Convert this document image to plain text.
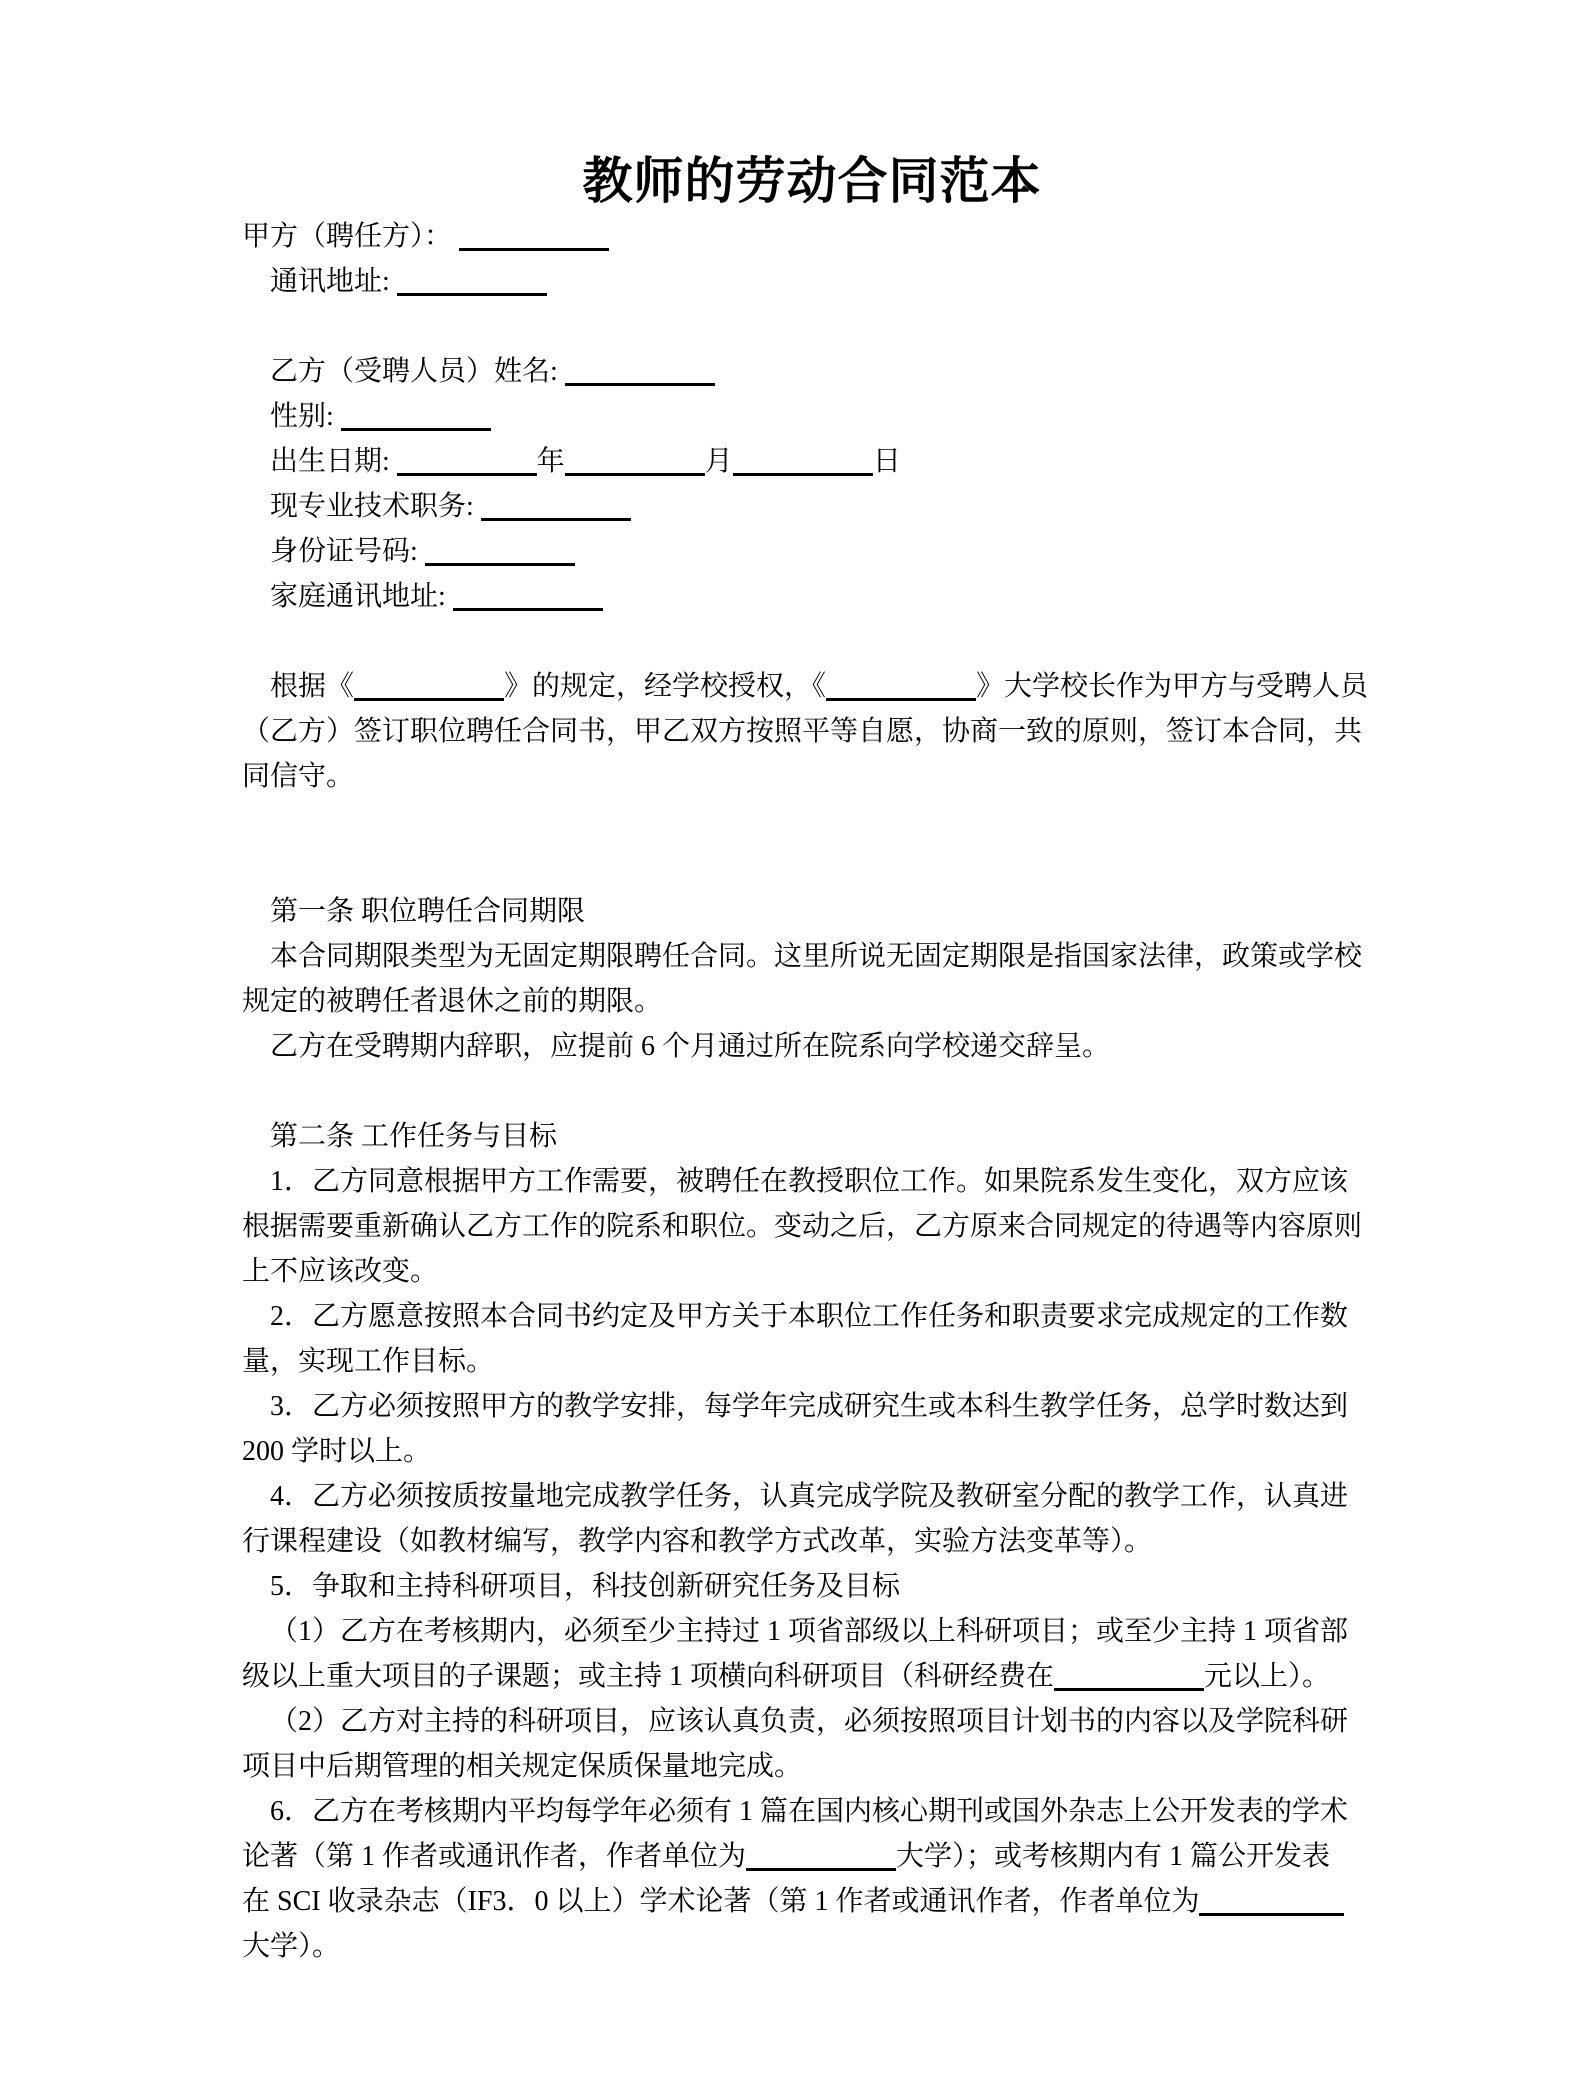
教师的劳动合同范本
甲方（聘任方）：
通讯地址:
乙方（受聘人员）姓名:
性别:
出生日期:	年	月	日
现专业技术职务:
身份证号码:
家庭通讯地址:
根据《	》的规定，经学校授权，《	》大学校长作为甲方与受聘人员
（乙方）签订职位聘任合同书，甲乙双方按照平等自愿，协商一致的原则，签订本合同，共
同信守。
第一条 职位聘任合同期限
本合同期限类型为无固定期限聘任合同。这里所说无固定期限是指国家法律，政策或学校
规定的被聘任者退休之前的期限。
乙方在受聘期内辞职，应提前 6 个月通过所在院系向学校递交辞呈。
第二条 工作任务与目标
1．乙方同意根据甲方工作需要，被聘任在教授职位工作。如果院系发生变化，双方应该
根据需要重新确认乙方工作的院系和职位。变动之后，乙方原来合同规定的待遇等内容原则
上不应该改变。
2．乙方愿意按照本合同书约定及甲方关于本职位工作任务和职责要求完成规定的工作数
量，实现工作目标。
3．乙方必须按照甲方的教学安排，每学年完成研究生或本科生教学任务，总学时数达到
200 学时以上。
4．乙方必须按质按量地完成教学任务，认真完成学院及教研室分配的教学工作，认真进
行课程建设（如教材编写，教学内容和教学方式改革，实验方法变革等）。
5．争取和主持科研项目，科技创新研究任务及目标
（1）乙方在考核期内，必须至少主持过 1 项省部级以上科研项目；或至少主持 1 项省部
级以上重大项目的子课题；或主持 1 项横向科研项目（科研经费在	元以上）。
（2）乙方对主持的科研项目，应该认真负责，必须按照项目计划书的内容以及学院科研
项目中后期管理的相关规定保质保量地完成。
6．乙方在考核期内平均每学年必须有 1 篇在国内核心期刊或国外杂志上公开发表的学术
论著（第 1 作者或通讯作者，作者单位为	大学）；或考核期内有 1 篇公开发表
在 SCI 收录杂志（IF3．0 以上）学术论著（第 1 作者或通讯作者，作者单位为
大学）。
